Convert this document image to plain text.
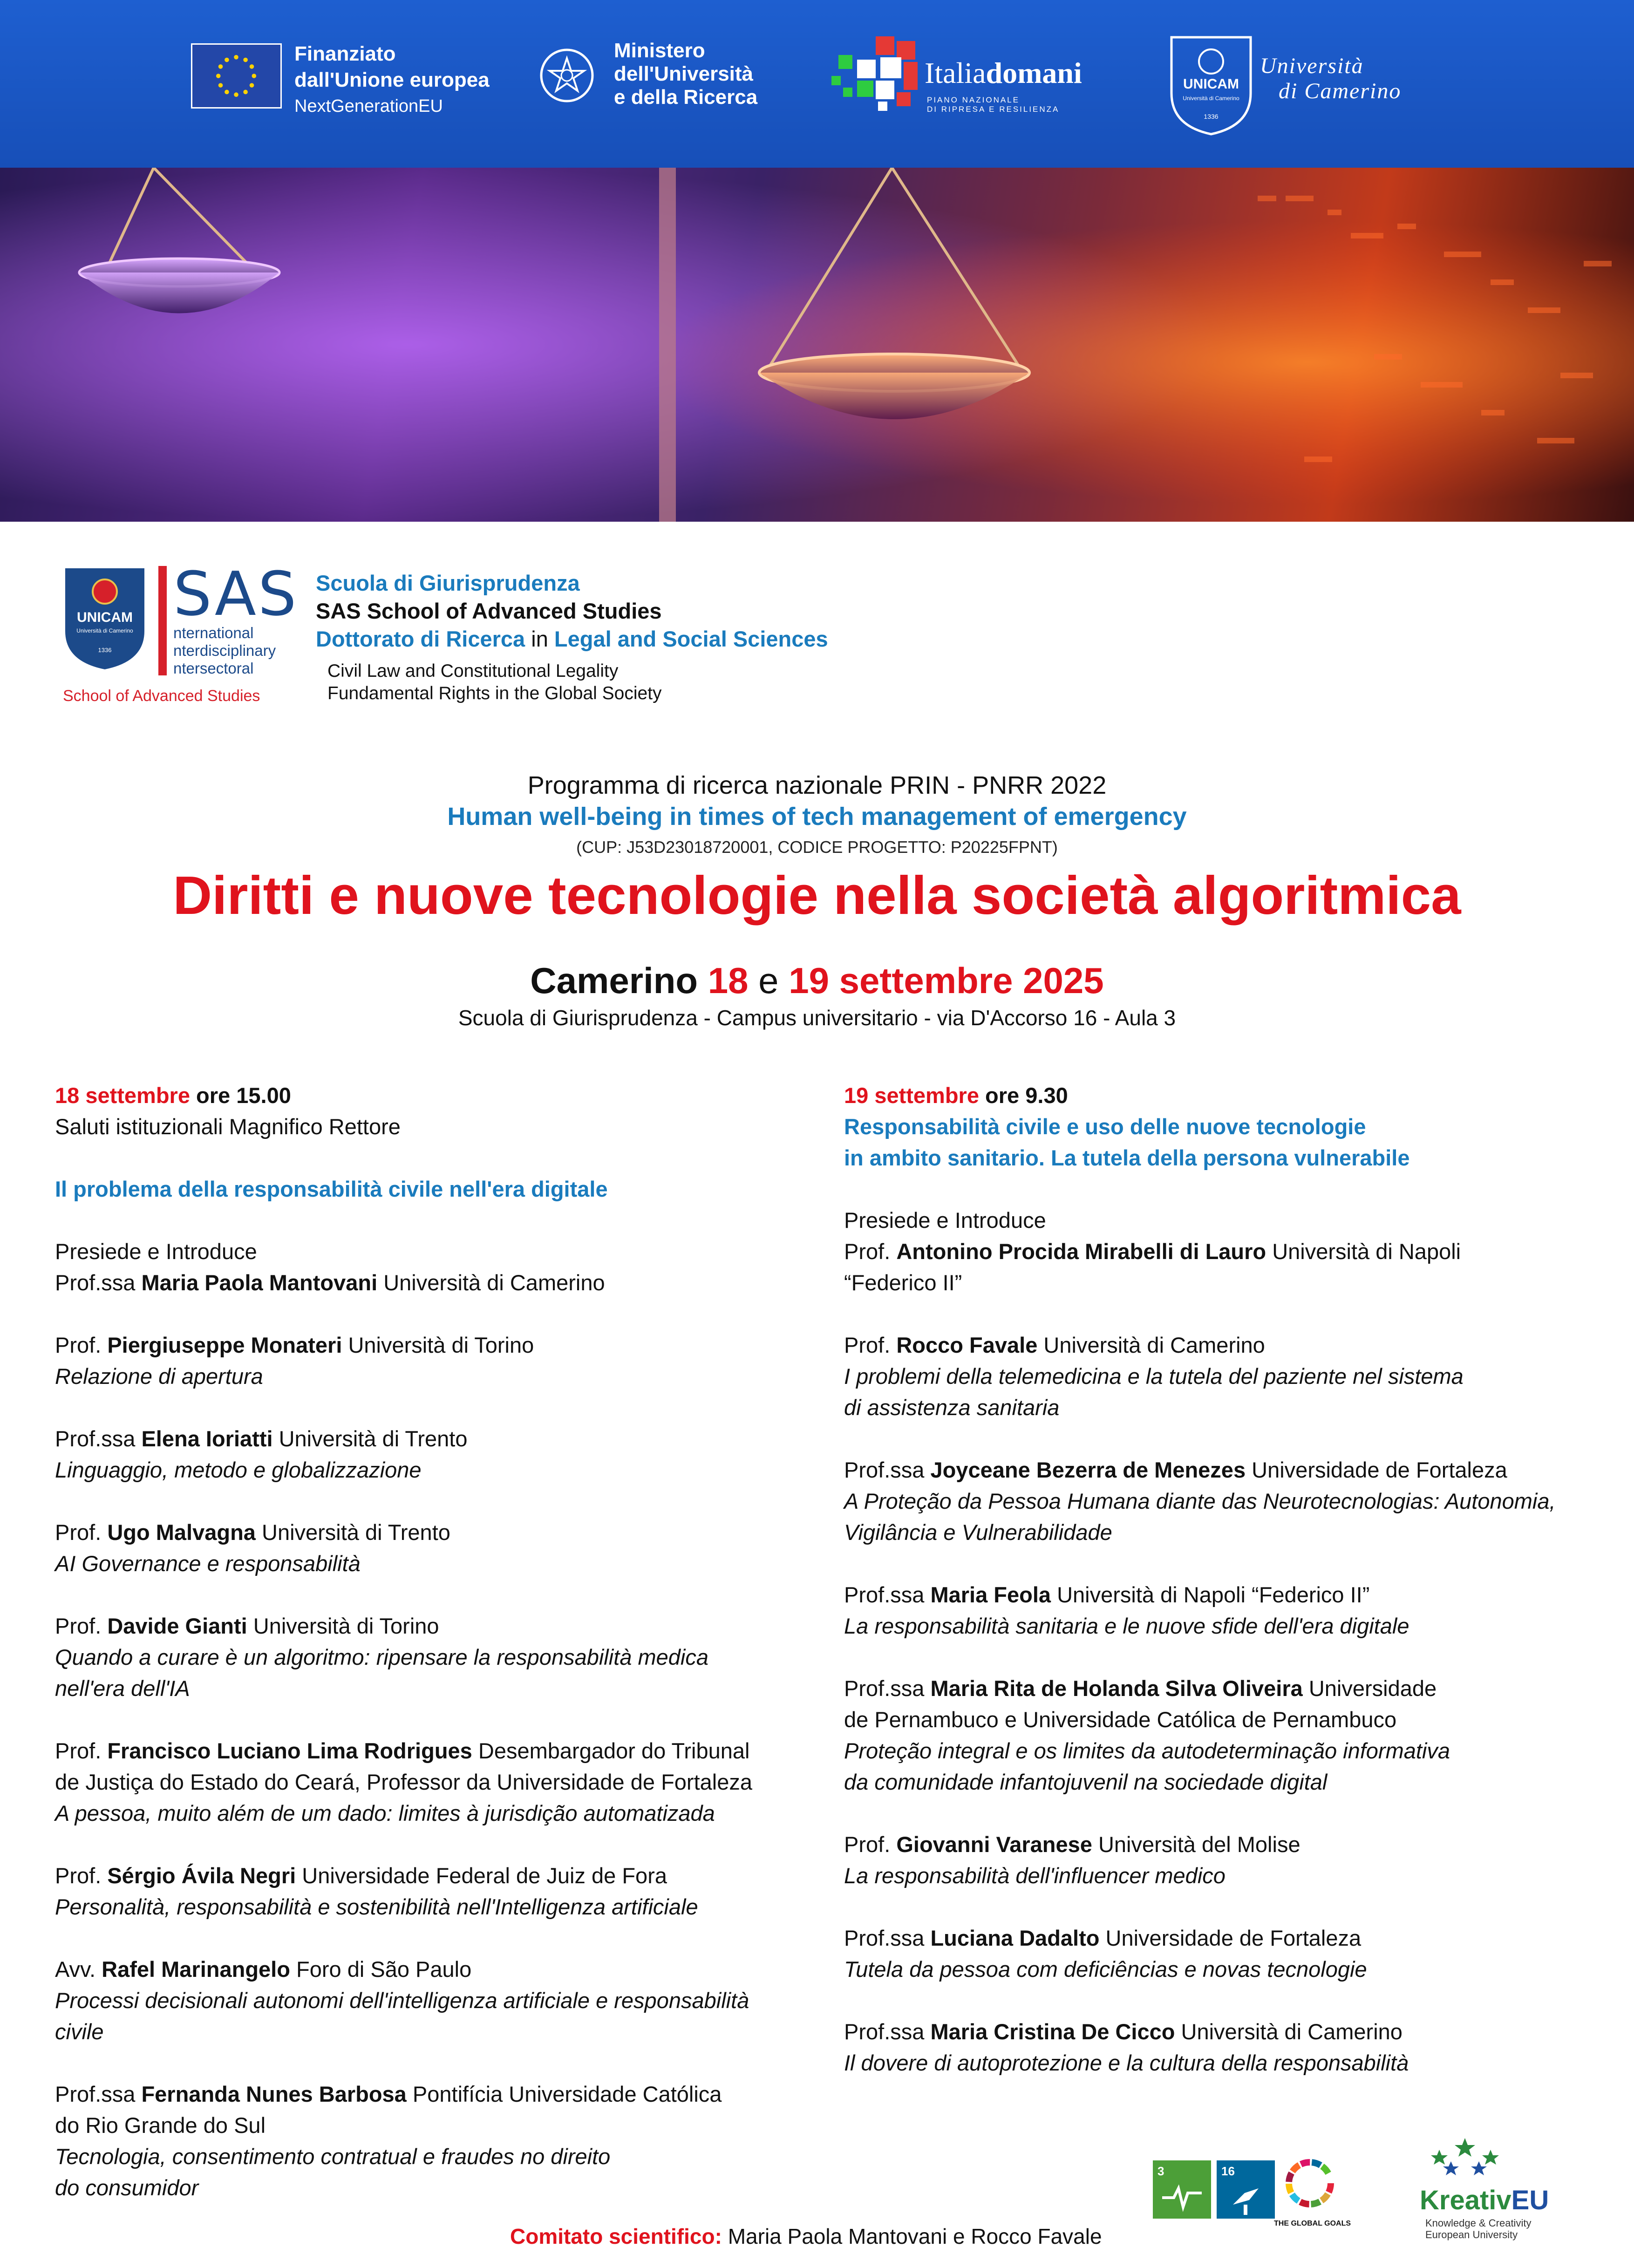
Finanziato
dall'Unione europea
NextGenerationEU
Ministero
dell'Università
e della Ricerca
Italiadomani
PIANO NAZIONALE
DI RIPRESA E RESILIENZA
UNICAM
Università di Camerino
1336
Università
di Camerino
UNICAM
Università di Camerino
1336
SAS
nternational
nterdisciplinary
ntersectoral
School of Advanced Studies
Scuola di Giurisprudenza
SAS School of Advanced Studies
Dottorato di Ricerca in Legal and Social Sciences
Civil Law and Constitutional Legality
Fundamental Rights in the Global Society
Programma di ricerca nazionale PRIN - PNRR 2022
Human well-being in times of tech management of emergency
(CUP: J53D23018720001, CODICE PROGETTO: P20225FPNT)
Diritti e nuove tecnologie nella società algoritmica
Camerino 18 e 19 settembre 2025
Scuola di Giurisprudenza - Campus universitario - via D'Accorso 16 - Aula 3

18 settembre ore 15.00

Saluti istituzionali Magnifico Rettore

Il problema della responsabilità civile nell'era digitale

Presiede e Introduce

Prof.ssa Maria Paola Mantovani Università di Camerino

Prof. Piergiuseppe Monateri Università di Torino

Relazione di apertura

Prof.ssa Elena Ioriatti Università di Trento

Linguaggio, metodo e globalizzazione

Prof. Ugo Malvagna Università di Trento

AI Governance e responsabilità

Prof. Davide Gianti Università di Torino

Quando a curare è un algoritmo: ripensare la responsabilità medica

nell'era dell'IA

Prof. Francisco Luciano Lima Rodrigues Desembargador do Tribunal

de Justiça do Estado do Ceará, Professor da Universidade de Fortaleza

A pessoa, muito além de um dado: limites à jurisdição automatizada

Prof. Sérgio Ávila Negri Universidade Federal de Juiz de Fora

Personalità, responsabilità e sostenibilità nell'Intelligenza artificiale

Avv. Rafel Marinangelo Foro di São Paulo

Processi decisionali autonomi dell'intelligenza artificiale e responsabilità

civile

Prof.ssa Fernanda Nunes Barbosa Pontifícia Universidade Católica

do Rio Grande do Sul

Tecnologia, consentimento contratual e fraudes no direito

do consumidor

19 settembre ore 9.30

Responsabilità civile e uso delle nuove tecnologie

in ambito sanitario. La tutela della persona vulnerabile

Presiede e Introduce

Prof. Antonino Procida Mirabelli di Lauro Università di Napoli

“Federico II”

Prof. Rocco Favale Università di Camerino

I problemi della telemedicina e la tutela del paziente nel sistema

di assistenza sanitaria

Prof.ssa Joyceane Bezerra de Menezes Universidade de Fortaleza

A Proteção da Pessoa Humana diante das Neurotecnologias: Autonomia,

Vigilância e Vulnerabilidade

Prof.ssa Maria Feola Università di Napoli “Federico II”

La responsabilità sanitaria e le nuove sfide dell'era digitale

Prof.ssa Maria Rita de Holanda Silva Oliveira Universidade

de Pernambuco e Universidade Católica de Pernambuco

Proteção integral e os limites da autodeterminação informativa

da comunidade infantojuvenil na sociedade digital

Prof. Giovanni Varanese Università del Molise

La responsabilità dell'influencer medico

Prof.ssa Luciana Dadalto Universidade de Fortaleza

Tutela da pessoa com deficiências e novas tecnologie

Prof.ssa Maria Cristina De Cicco Università di Camerino

Il dovere di autoprotezione e la cultura della responsabilità

Comitato scientifico: Maria Paola Mantovani e Rocco Favale
3	16
THE GLOBAL GOALS
KreativEU
Knowledge & Creativity
European University
